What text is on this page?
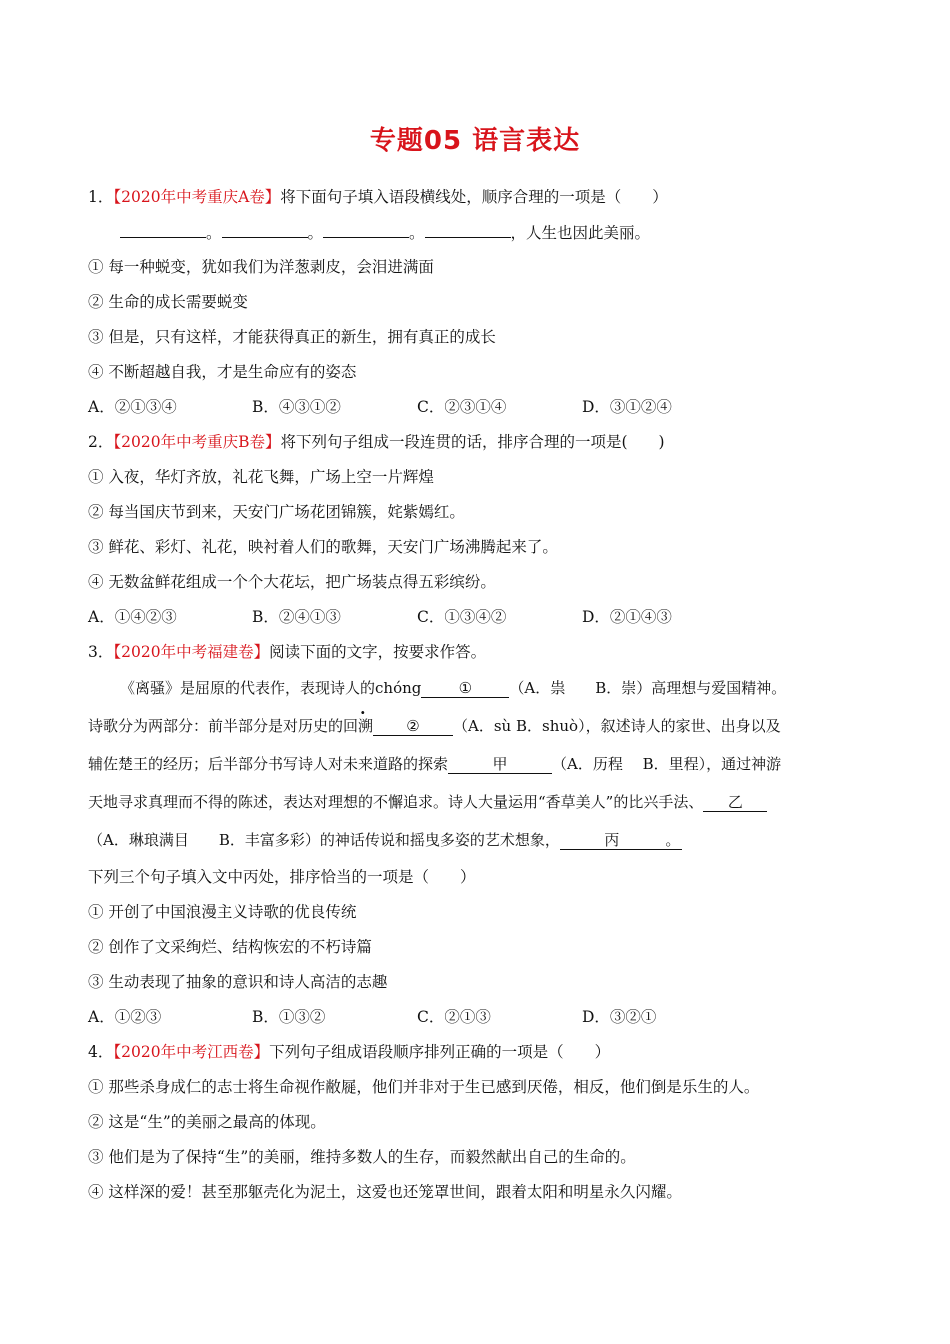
专题05 语言表达
1．【2020年中考重庆A卷】将下面句子填入语段横线处，顺序合理的一项是（　　）
。	。	。	，人生也因此美丽。
① 每一种蜕变，犹如我们为洋葱剥皮，会泪进满面
② 生命的成长需要蜕变
③ 但是，只有这样，才能获得真正的新生，拥有真正的成长
④ 不断超越自我，才是生命应有的姿态
A．②①③④	B．④③①②	C．②③①④	D．③①②④
2．【2020年中考重庆B卷】将下列句子组成一段连贯的话，排序合理的一项是(　　)
① 入夜，华灯齐放，礼花飞舞，广场上空一片辉煌
② 每当国庆节到来，天安门广场花团锦簇，姹紫嫣红。
③ 鲜花、彩灯、礼花，映衬着人们的歌舞，天安门广场沸腾起来了。
④ 无数盆鲜花组成一个个大花坛，把广场装点得五彩缤纷。
A．①④②③	B．②④①③	C．①③④②	D．②①④③
3．【2020年中考福建卷】阅读下面的文字，按要求作答。
《离骚》是屈原的代表作，表现诗人的chóng ① （A．祟　　B．崇）高理想与爱国精神。
诗歌分为两部分：前半部分是对历史的回溯 ② （A．sù B．shuò），叙述诗人的家世、出身以及
辅佐楚王的经历；后半部分书写诗人对未来道路的探索	甲	（A．历程　 B．里程），通过神游
天地寻求真理而不得的陈述，表达对理想的不懈追求。诗人大量运用“香草美人”的比兴手法、 乙
（A．琳琅满目　　B．丰富多彩）的神话传说和摇曳多姿的艺术想象，	丙	。
下列三个句子填入文中丙处，排序恰当的一项是（　　）
① 开创了中国浪漫主义诗歌的优良传统
② 创作了文采绚烂、结构恢宏的不朽诗篇
③ 生动表现了抽象的意识和诗人高洁的志趣
A．①②③	B．①③②	C．②①③	D．③②①
4．【2020年中考江西卷】下列句子组成语段顺序排列正确的一项是（　　）
① 那些杀身成仁的志士将生命视作敝屣，他们并非对于生已感到厌倦，相反，他们倒是乐生的人。
② 这是“生”的美丽之最高的体现。
③ 他们是为了保持“生”的美丽，维持多数人的生存，而毅然献出自己的生命的。
④ 这样深的爱！甚至那躯壳化为泥土，这爱也还笼罩世间，跟着太阳和明星永久闪耀。
